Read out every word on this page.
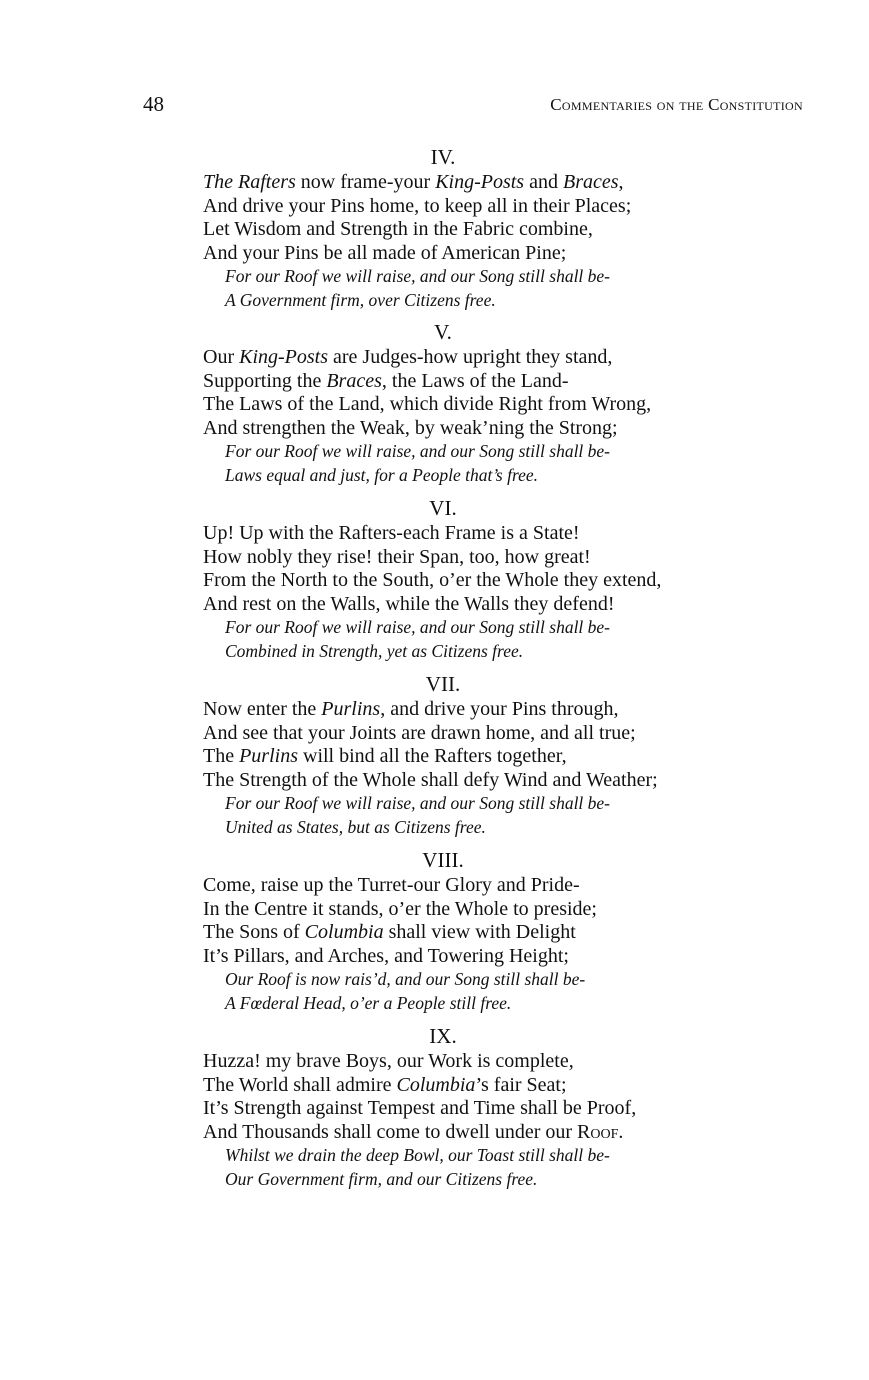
48	Commentaries on the Constitution
IV.
The Rafters now frame-your King-Posts and Braces,
And drive your Pins home, to keep all in their Places;
Let Wisdom and Strength in the Fabric combine,
And your Pins be all made of American Pine;
For our Roof we will raise, and our Song still shall be-
A Government firm, over Citizens free.
V.
Our King-Posts are Judges-how upright they stand,
Supporting the Braces, the Laws of the Land-
The Laws of the Land, which divide Right from Wrong,
And strengthen the Weak, by weak’ning the Strong;
For our Roof we will raise, and our Song still shall be-
Laws equal and just, for a People that’s free.
VI.
Up! Up with the Rafters-each Frame is a State!
How nobly they rise! their Span, too, how great!
From the North to the South, o’er the Whole they extend,
And rest on the Walls, while the Walls they defend!
For our Roof we will raise, and our Song still shall be-
Combined in Strength, yet as Citizens free.
VII.
Now enter the Purlins, and drive your Pins through,
And see that your Joints are drawn home, and all true;
The Purlins will bind all the Rafters together,
The Strength of the Whole shall defy Wind and Weather;
For our Roof we will raise, and our Song still shall be-
United as States, but as Citizens free.
VIII.
Come, raise up the Turret-our Glory and Pride-
In the Centre it stands, o’er the Whole to preside;
The Sons of Columbia shall view with Delight
It’s Pillars, and Arches, and Towering Height;
Our Roof is now rais’d, and our Song still shall be-
A Fœderal Head, o’er a People still free.
IX.
Huzza! my brave Boys, our Work is complete,
The World shall admire Columbia’s fair Seat;
It’s Strength against Tempest and Time shall be Proof,
And Thousands shall come to dwell under our Roof.
Whilst we drain the deep Bowl, our Toast still shall be-
Our Government firm, and our Citizens free.
